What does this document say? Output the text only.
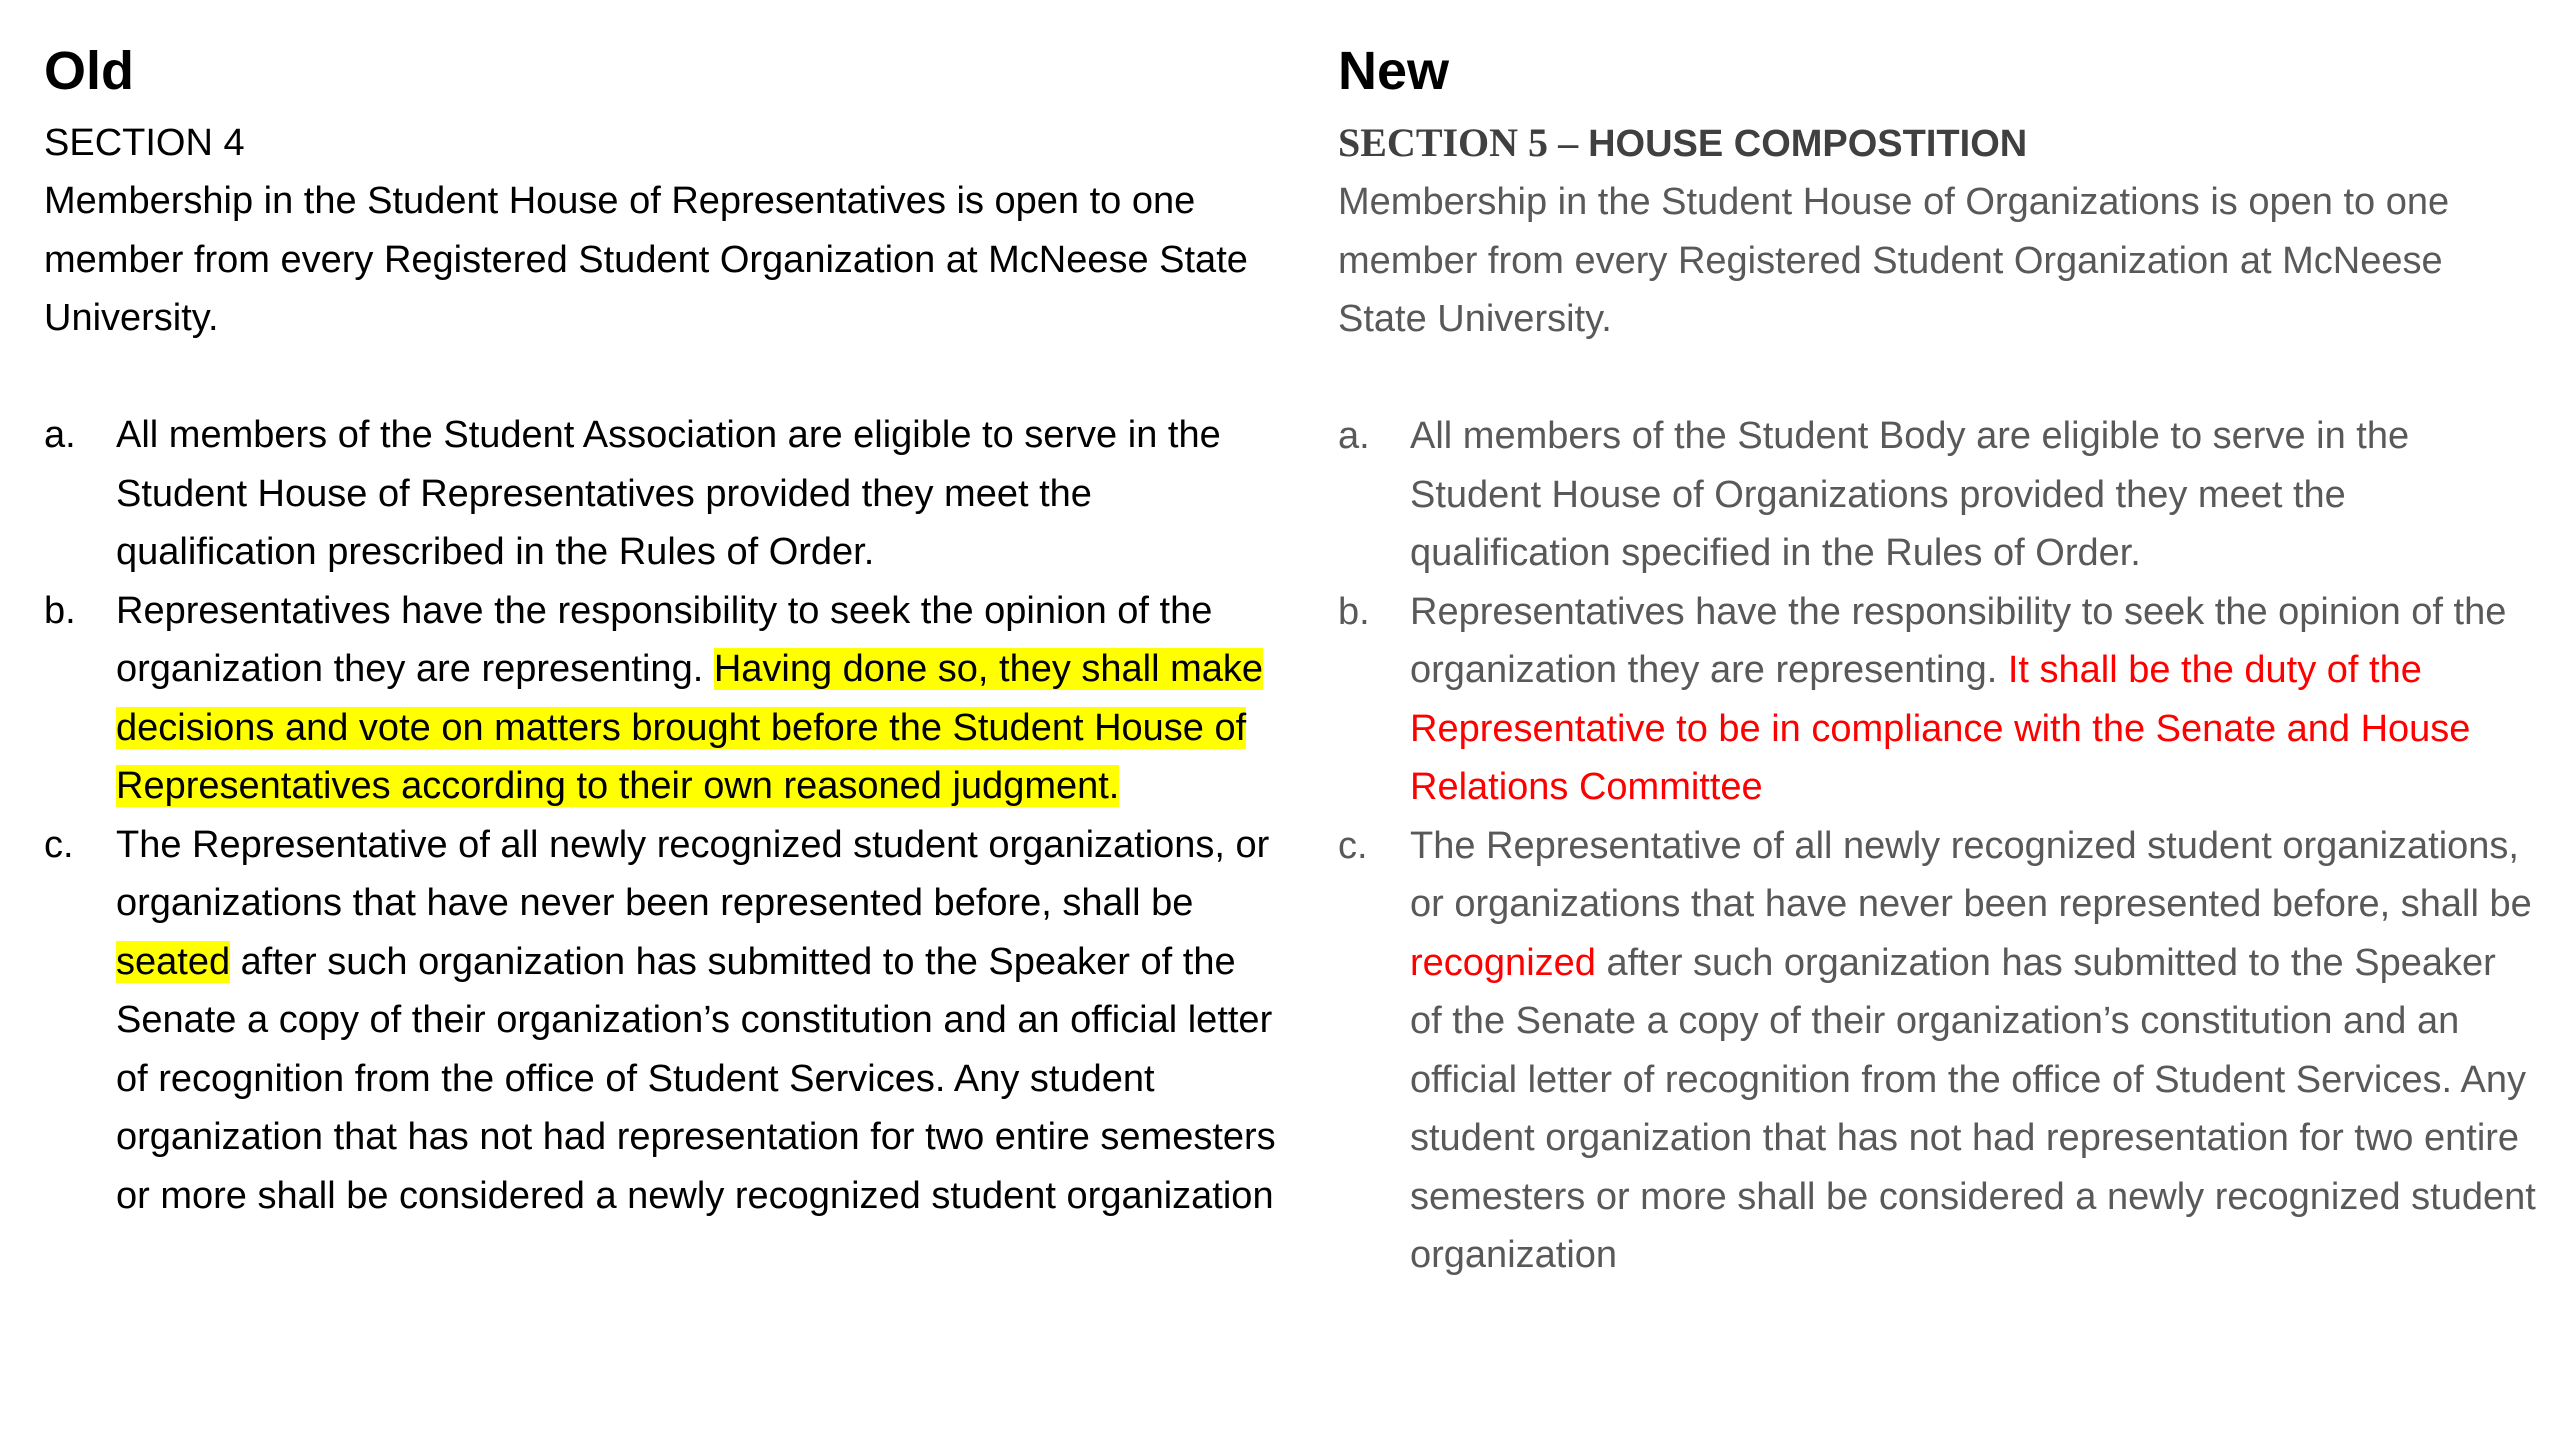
Old
SECTION 4
Membership in the Student House of Representatives is open to one member from every Registered Student Organization at McNeese State University.
a.	All members of the Student Association are eligible to serve in the Student House of Representatives provided they meet the qualification prescribed in the Rules of Order.
b.	Representatives have the responsibility to seek the opinion of the organization they are representing. Having done so, they shall make decisions and vote on matters brought before the Student House of Representatives according to their own reasoned judgment.
c.	The Representative of all newly recognized student organizations, or organizations that have never been represented before, shall be seated after such organization has submitted to the Speaker of the Senate a copy of their organization’s constitution and an official letter of recognition from the office of Student Services. Any student organization that has not had representation for two entire semesters or more shall be considered a newly recognized student organization
New
SECTION 5 – HOUSE COMPOSTITION
Membership in the Student House of Organizations is open to one member from every Registered Student Organization at McNeese State University.
a.	All members of the Student Body are eligible to serve in the Student House of Organizations provided they meet the qualification specified in the Rules of Order.
b.	Representatives have the responsibility to seek the opinion of the organization they are representing. It shall be the duty of the Representative to be in compliance with the Senate and House Relations Committee
c.	The Representative of all newly recognized student organizations, or organizations that have never been represented before, shall be recognized after such organization has submitted to the Speaker of the Senate a copy of their organization’s constitution and an official letter of recognition from the office of Student Services. Any student organization that has not had representation for two entire semesters or more shall be considered a newly recognized student organization
